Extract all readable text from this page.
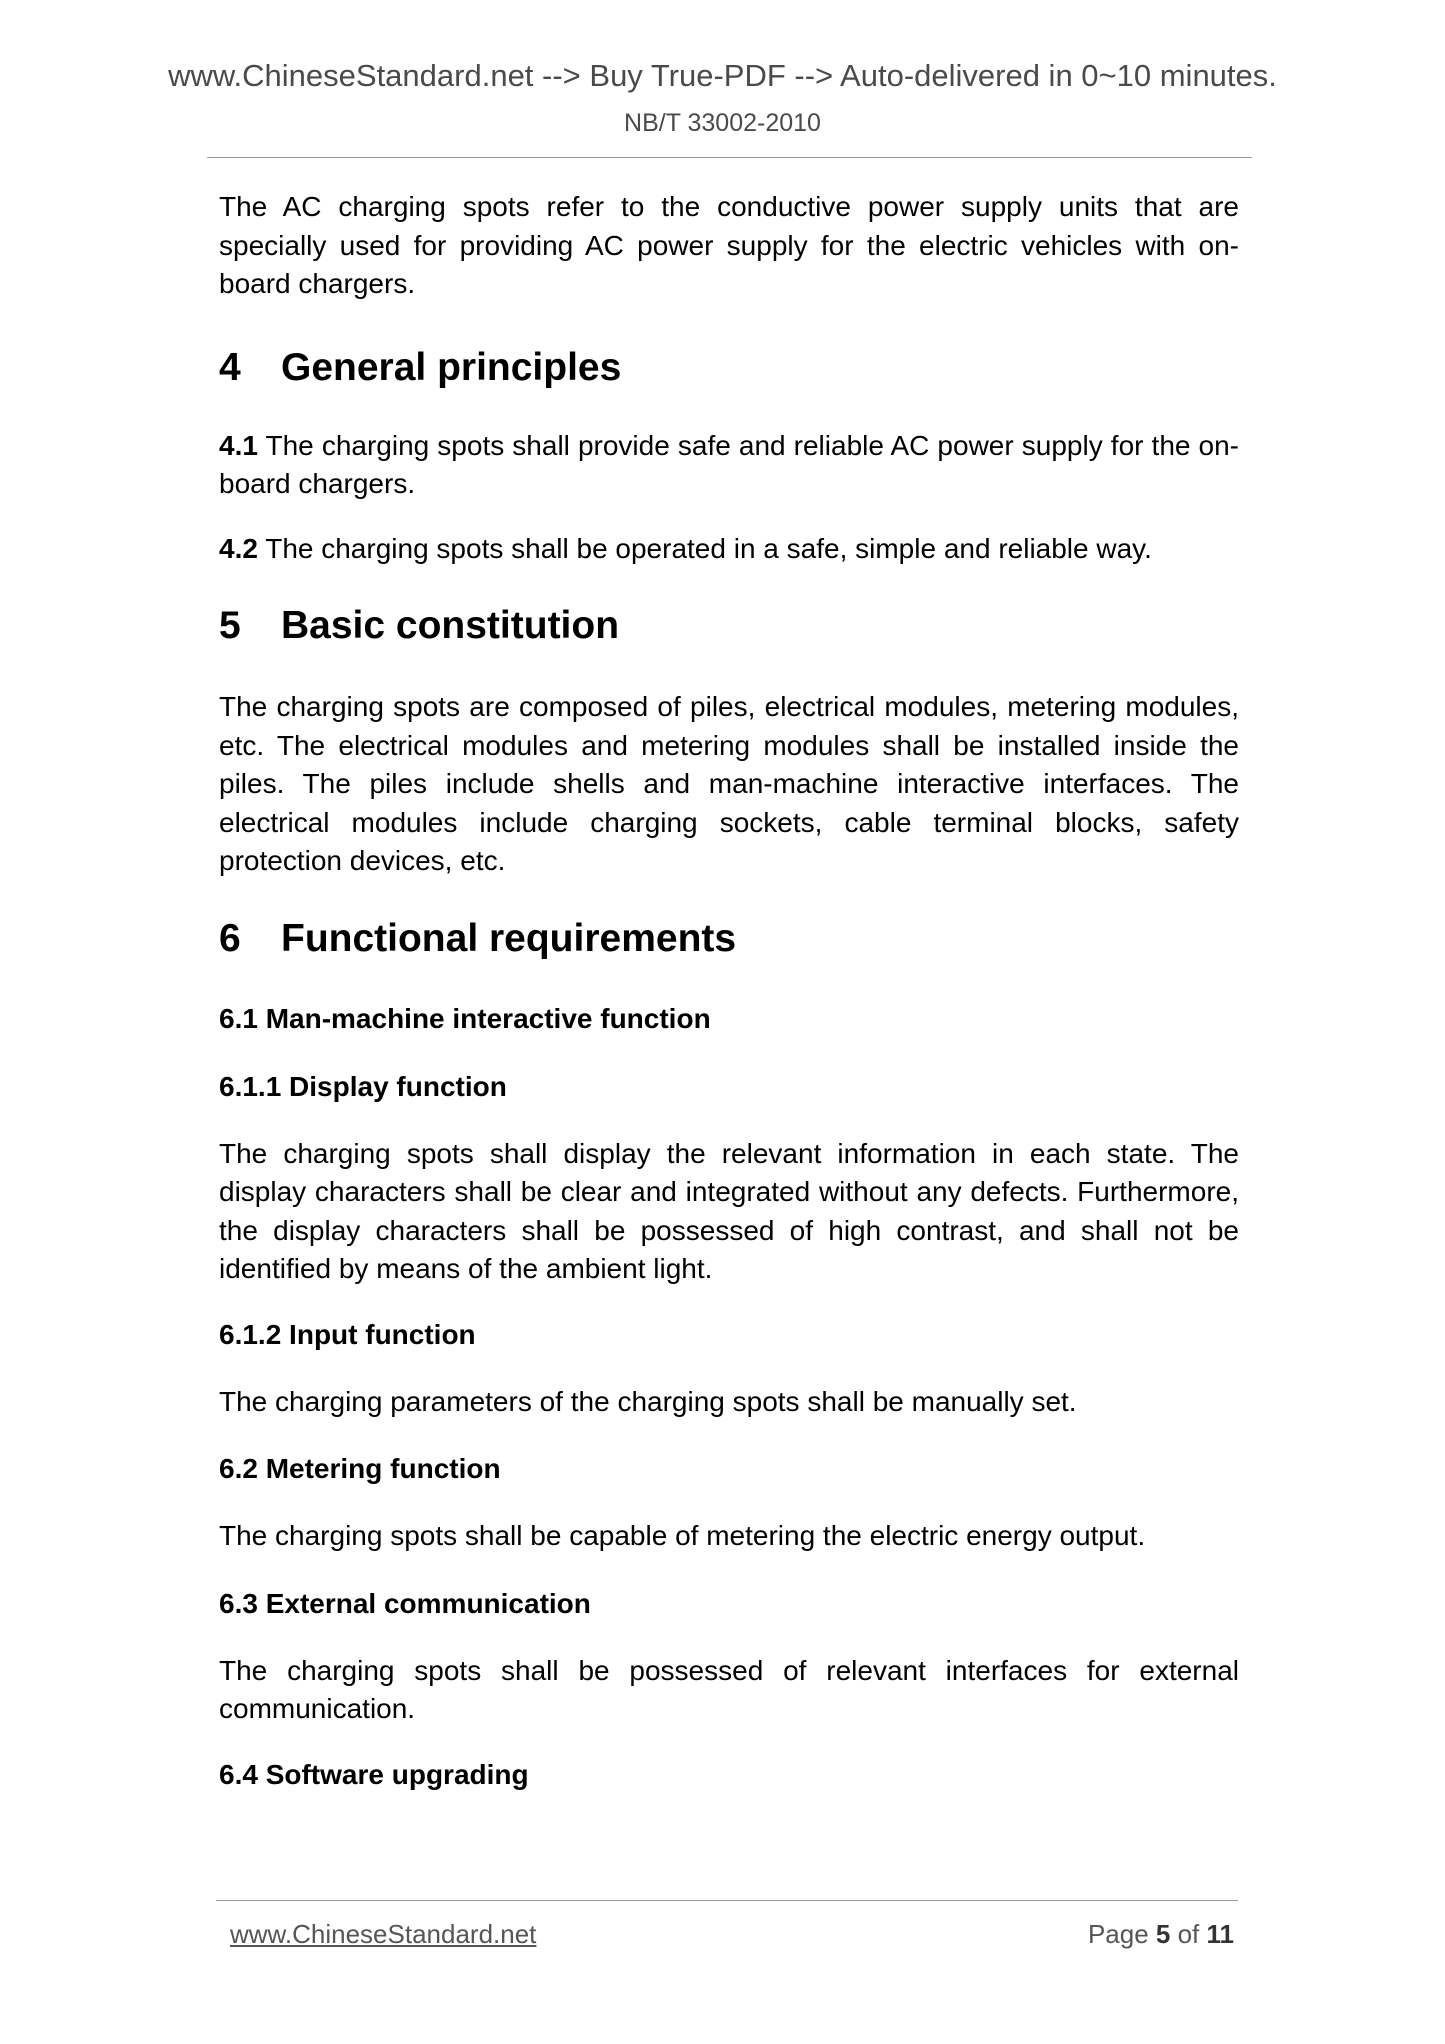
www.ChineseStandard.net --> Buy True-PDF --> Auto-delivered in 0~10 minutes.
NB/T 33002-2010

The AC charging spots refer to the conductive power supply units that are specially used for providing AC power supply for the electric vehicles with on-board chargers.

4	General principles

4.1 The charging spots shall provide safe and reliable AC power supply for the on-board chargers.

4.2 The charging spots shall be operated in a safe, simple and reliable way.

5	Basic constitution

The charging spots are composed of piles, electrical modules, metering modules, etc. The electrical modules and metering modules shall be installed inside the piles. The piles include shells and man-machine interactive interfaces. The electrical modules include charging sockets, cable terminal blocks, safety protection devices, etc.

6	Functional requirements
6.1 Man-machine interactive function
6.1.1 Display function

The charging spots shall display the relevant information in each state. The display characters shall be clear and integrated without any defects. Furthermore, the display characters shall be possessed of high contrast, and shall not be identified by means of the ambient light.

6.1.2 Input function

The charging parameters of the charging spots shall be manually set.

6.2 Metering function

The charging spots shall be capable of metering the electric energy output.

6.3 External communication

The charging spots shall be possessed of relevant interfaces for external communication.

6.4 Software upgrading
www.ChineseStandard.net	Page 5 of 11
